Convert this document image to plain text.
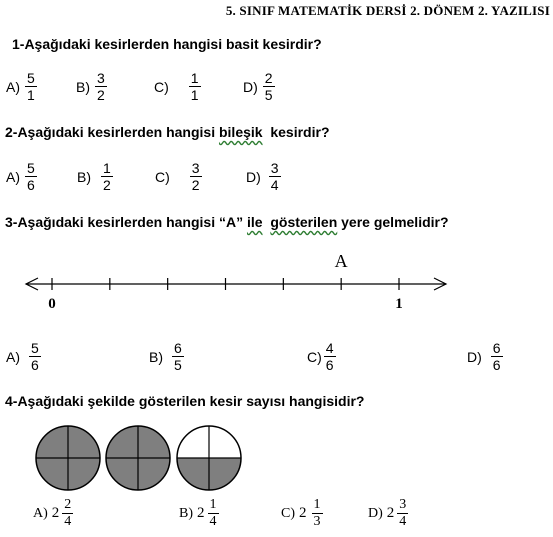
5. SINIF MATEMATİK DERSİ 2. DÖNEM 2. YAZILISI
1-Aşağıdaki kesirlerden hangisi basit kesirdir?
$A) \frac{5}{1}$	$B) \frac{3}{2}$	$C) \frac{1}{1}$	$D) \frac{2}{5}$
2-Aşağıdaki kesirlerden hangisi bileşik  kesirdir?
$A) \frac{5}{6}$	$B) \frac{1}{2}$	$C) \frac{3}{2}$	$D) \frac{3}{4}$
3-Aşağıdaki kesirlerden hangisi “A” ile gösterilen yere gelmelidir?
0	1
A
$A) \frac{5}{6}$	$B) \frac{6}{5}$	$C) \frac{4}{6}$	$D) \frac{6}{6}$
4-Aşağıdaki şekilde gösterilen kesir sayısı hangisidir?
A) $2 \frac{2}{4}$	B) $2 \frac{1}{4}$	C) $2 \frac{1}{3}$	D) $2 \frac{3}{4}$
